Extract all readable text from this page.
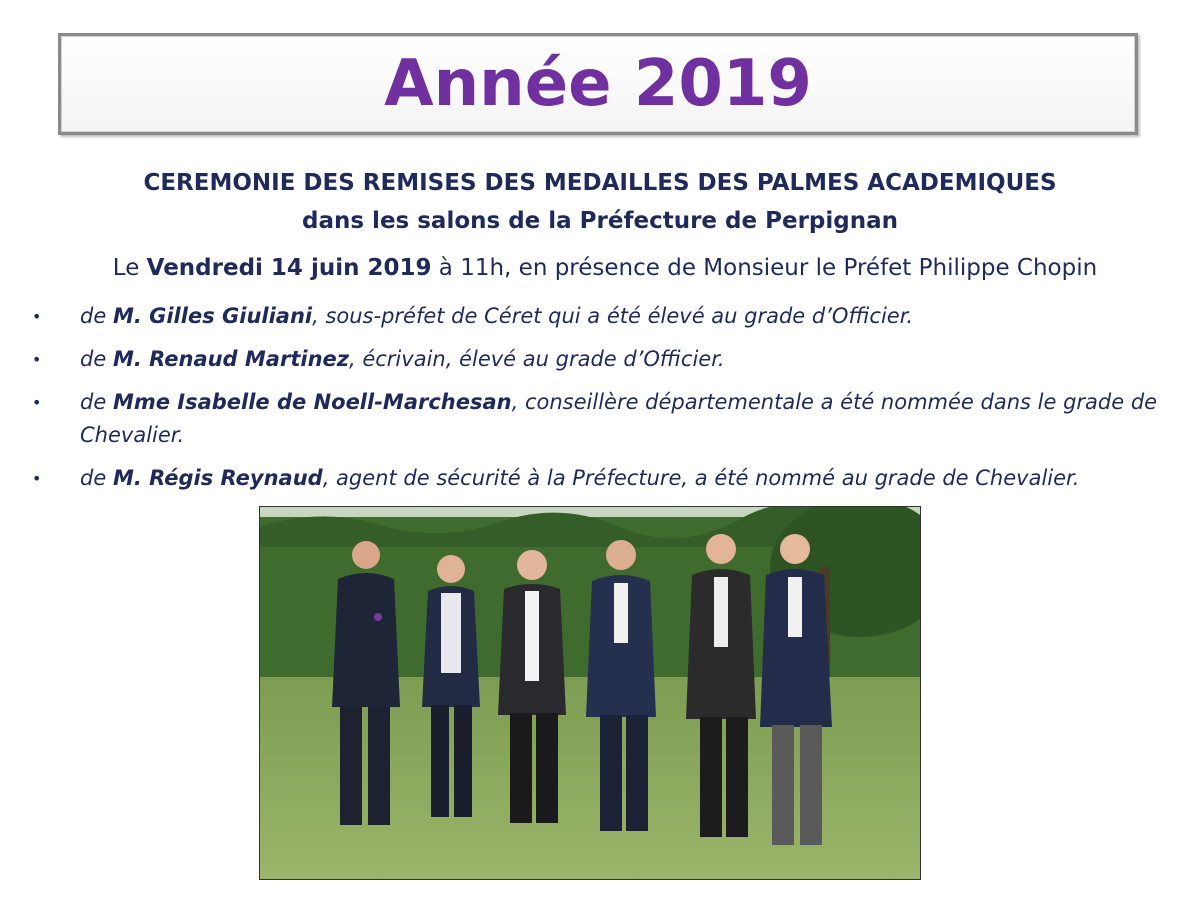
Année 2019
CEREMONIE DES REMISES DES MEDAILLES DES PALMES ACADEMIQUES
dans les salons de la Préfecture de Perpignan
Le Vendredi 14 juin 2019 à 11h, en présence de Monsieur le Préfet Philippe Chopin
• de M. Gilles Giuliani, sous-préfet de Céret qui a été élevé au grade d’Officier.
• de M. Renaud Martinez, écrivain, élevé au grade d’Officier.
• de Mme Isabelle de Noell-Marchesan, conseillère départementale a été nommée dans le grade de Chevalier.
• de M. Régis Reynaud, agent de sécurité à la Préfecture, a été nommé au grade de Chevalier.
